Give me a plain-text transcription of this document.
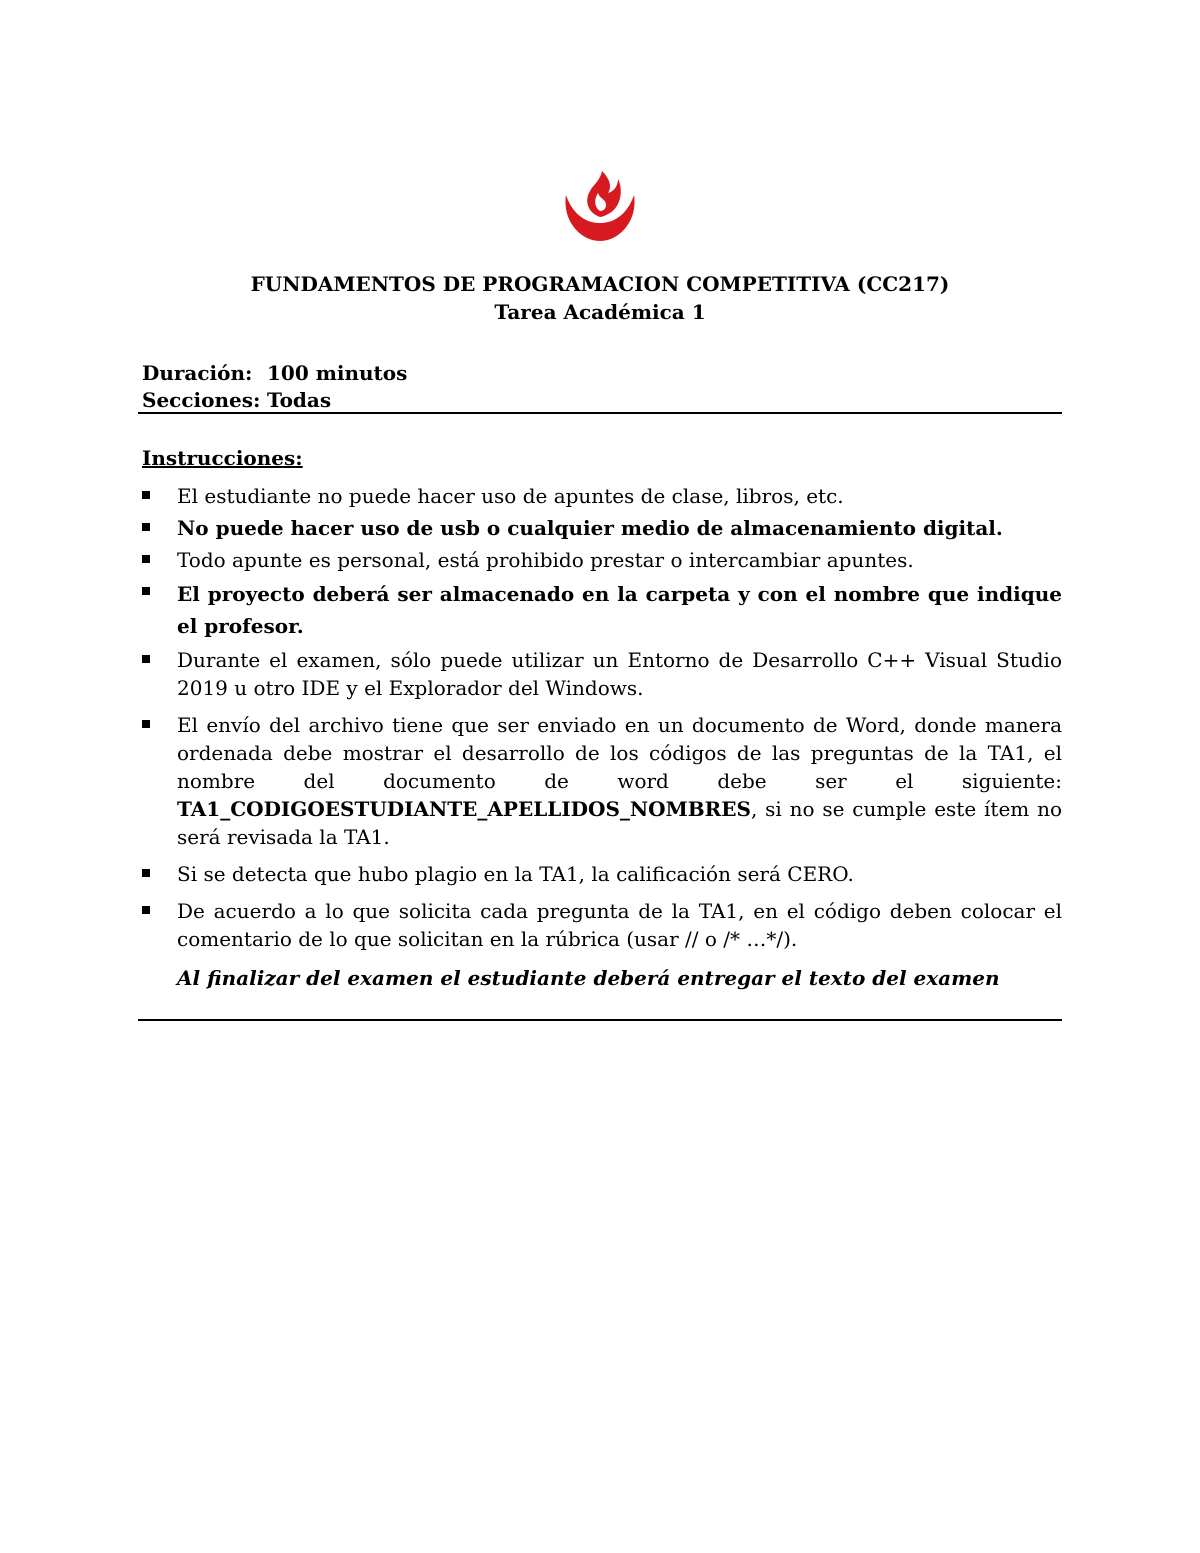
FUNDAMENTOS DE PROGRAMACION COMPETITIVA (CC217)
Tarea Académica 1
Duración: 100 minutos
Secciones: Todas
Instrucciones:
El estudiante no puede hacer uso de apuntes de clase, libros, etc.
No puede hacer uso de usb o cualquier medio de almacenamiento digital.
Todo apunte es personal, está prohibido prestar o intercambiar apuntes.
El proyecto deberá ser almacenado en la carpeta y con el nombre que indique el profesor.
Durante el examen, sólo puede utilizar un Entorno de Desarrollo C++ Visual Studio 2019 u otro IDE y el Explorador del Windows.
El envío del archivo tiene que ser enviado en un documento de Word, donde manera ordenada debe mostrar el desarrollo de los códigos de las preguntas de la TA1, el nombre del documento de word debe ser el siguiente: TA1_CODIGOESTUDIANTE_APELLIDOS_NOMBRES, si no se cumple este ítem no será revisada la TA1.
Si se detecta que hubo plagio en la TA1, la calificación será CERO.
De acuerdo a lo que solicita cada pregunta de la TA1, en el código deben colocar el comentario de lo que solicitan en la rúbrica (usar // o /* …*/).
Al finalizar del examen el estudiante deberá entregar el texto del examen
